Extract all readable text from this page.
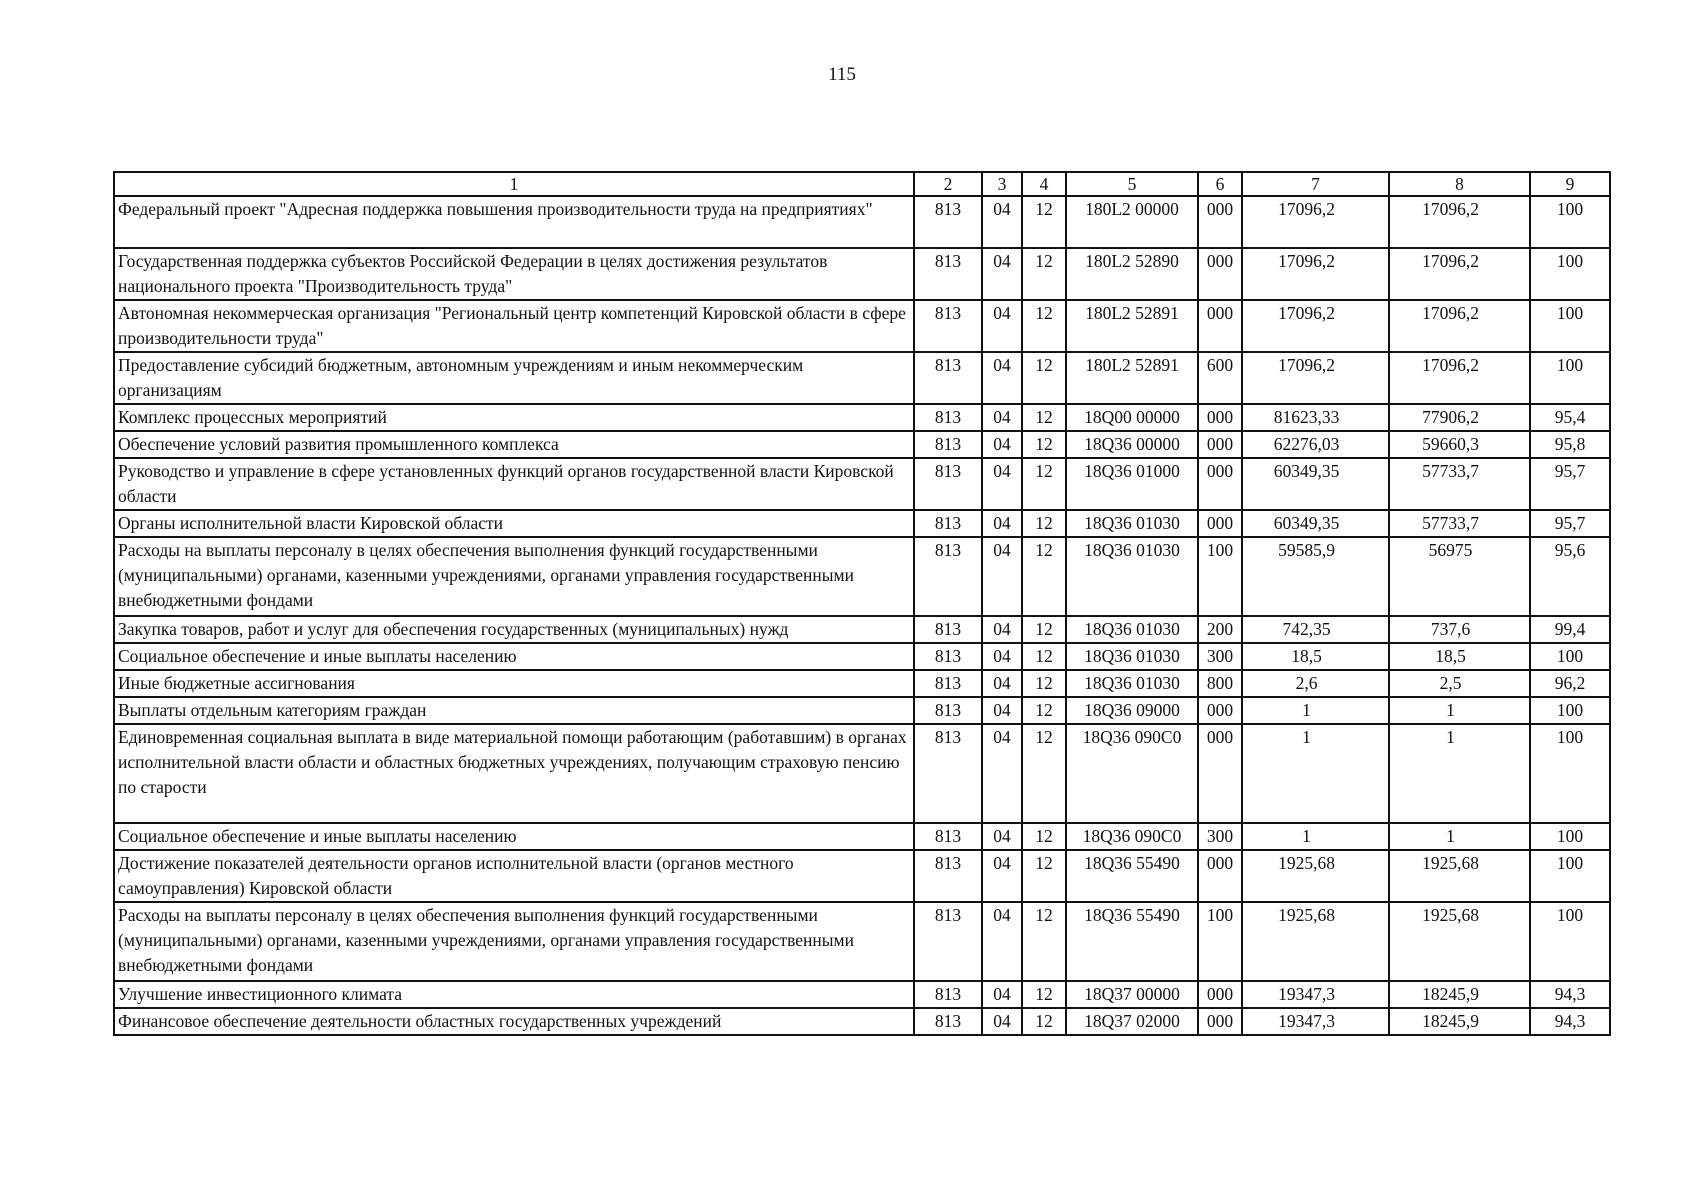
115
1	2	3	4	5	6	7	8	9
Федеральный проект "Адресная поддержка повышения производительности труда на предприятиях"	813	04	12	180L2 00000	000	17096,2	17096,2	100
Государственная поддержка субъектов Российской Федерации в целях достижения результатов национального проекта "Производительность труда"	813	04	12	180L2 52890	000	17096,2	17096,2	100
Автономная некоммерческая организация "Региональный центр компетенций Кировской области в сфере производительности труда"	813	04	12	180L2 52891	000	17096,2	17096,2	100
Предоставление субсидий бюджетным, автономным учреждениям и иным некоммерческим организациям	813	04	12	180L2 52891	600	17096,2	17096,2	100
Комплекс процессных мероприятий	813	04	12	18Q00 00000	000	81623,33	77906,2	95,4
Обеспечение условий развития промышленного комплекса	813	04	12	18Q36 00000	000	62276,03	59660,3	95,8
Руководство и управление в сфере установленных функций органов государственной власти Кировской области	813	04	12	18Q36 01000	000	60349,35	57733,7	95,7
Органы исполнительной власти Кировской области	813	04	12	18Q36 01030	000	60349,35	57733,7	95,7
Расходы на выплаты персоналу в целях обеспечения выполнения функций государственными (муниципальными) органами, казенными учреждениями, органами управления государственными внебюджетными фондами	813	04	12	18Q36 01030	100	59585,9	56975	95,6
Закупка товаров, работ и услуг для обеспечения государственных (муниципальных) нужд	813	04	12	18Q36 01030	200	742,35	737,6	99,4
Социальное обеспечение и иные выплаты населению	813	04	12	18Q36 01030	300	18,5	18,5	100
Иные бюджетные ассигнования	813	04	12	18Q36 01030	800	2,6	2,5	96,2
Выплаты отдельным категориям граждан	813	04	12	18Q36 09000	000	1	1	100
Единовременная социальная выплата в виде материальной помощи работающим (работавшим) в органах исполнительной власти области и областных бюджетных учреждениях, получающим страховую пенсию по старости	813	04	12	18Q36 090C0	000	1	1	100
Социальное обеспечение и иные выплаты населению	813	04	12	18Q36 090C0	300	1	1	100
Достижение показателей деятельности органов исполнительной власти (органов местного самоуправления) Кировской области	813	04	12	18Q36 55490	000	1925,68	1925,68	100
Расходы на выплаты персоналу в целях обеспечения выполнения функций государственными (муниципальными) органами, казенными учреждениями, органами управления государственными внебюджетными фондами	813	04	12	18Q36 55490	100	1925,68	1925,68	100
Улучшение инвестиционного климата	813	04	12	18Q37 00000	000	19347,3	18245,9	94,3
Финансовое обеспечение деятельности областных государственных учреждений	813	04	12	18Q37 02000	000	19347,3	18245,9	94,3
